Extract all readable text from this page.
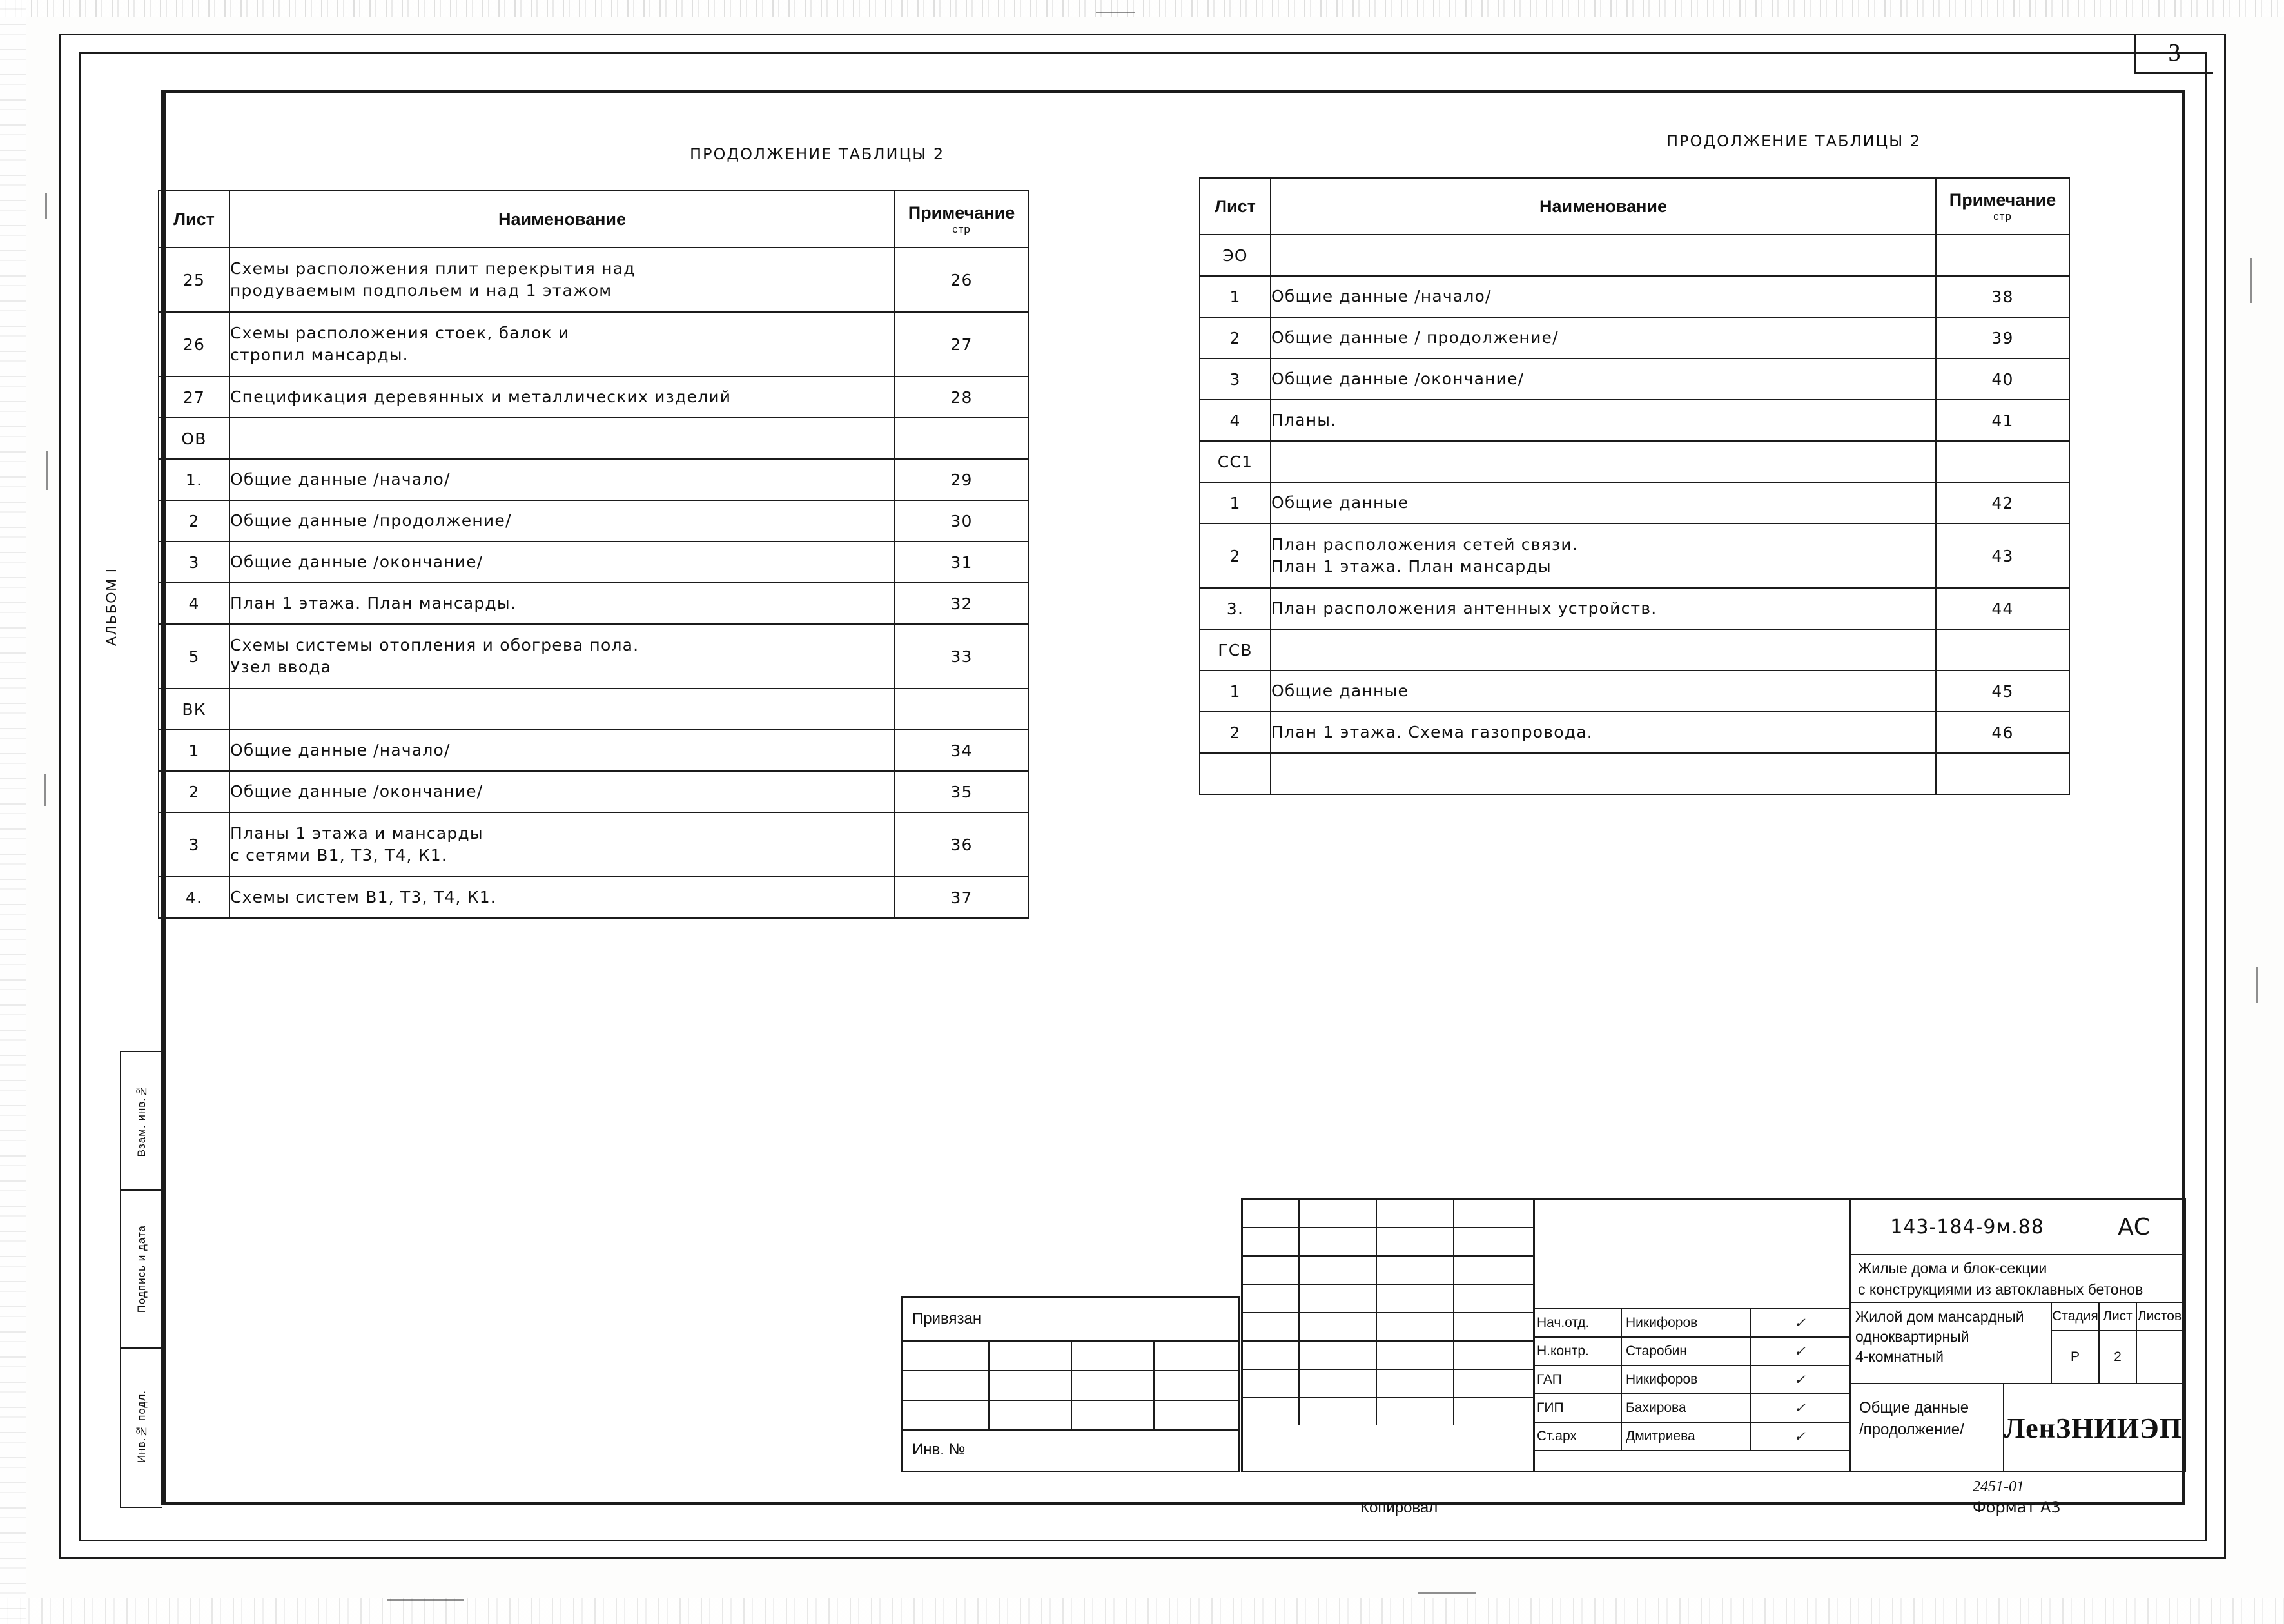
3
АЛЬБОМ I
Взам. инв.№
Подпись и дата
Инв.№ подл.
ПРОДОЛЖЕНИЕ ТАБЛИЦЫ 2
Лист	Наименование	Примечание
стр

25	Схемы расположения плит перекрытия над
продуваемым подпольем и над 1 этажом	26
26	Схемы расположения стоек, балок и
стропил мансарды.	27
27	Спецификация деревянных и металлических изделий	28
ОВ	

1.	Общие данные /начало/	29
2	Общие данные /продолжение/	30
3	Общие данные /окончание/	31
4	План 1 этажа. План мансарды.	32
5	Схемы системы отопления и обогрева пола.
Узел ввода	33
ВК	

1	Общие данные /начало/	34
2	Общие данные /окончание/	35
3	Планы 1 этажа и мансарды
с сетями В1, Т3, Т4, К1.	36
4.	Схемы систем В1, Т3, Т4, К1.	37
ПРОДОЛЖЕНИЕ ТАБЛИЦЫ 2
Лист	Наименование	Примечание
стр

ЭО	

1	Общие данные /начало/	38
2	Общие данные / продолжение/	39
3	Общие данные /окончание/	40
4	Планы.	41
СС1	

1	Общие данные	42
2	План расположения сетей связи.
План 1 этажа. План мансарды	43
3.	План расположения антенных устройств.	44
ГСВ	

1	Общие данные	45
2	План 1 этажа. Схема газопровода.	46

Привязан
Инв. №
Нач.отд.	Никифоров	✓
Н.контр.	Старобин	✓
ГАП	Никифоров	✓
ГИП	Бахирова	✓
Ст.арх	Дмитриева	✓
143-184-9м.88	АС
Жилые дома и блок-секции
с конструкциями из автоклавных бетонов
Жилой дом мансардный
одноквартирный
4-комнатный
Стадия Лист Листов
Р	2
Общие данные
/продолжение/	ЛенЗНИИЭП
Копировал
2451-01
Формат А3
